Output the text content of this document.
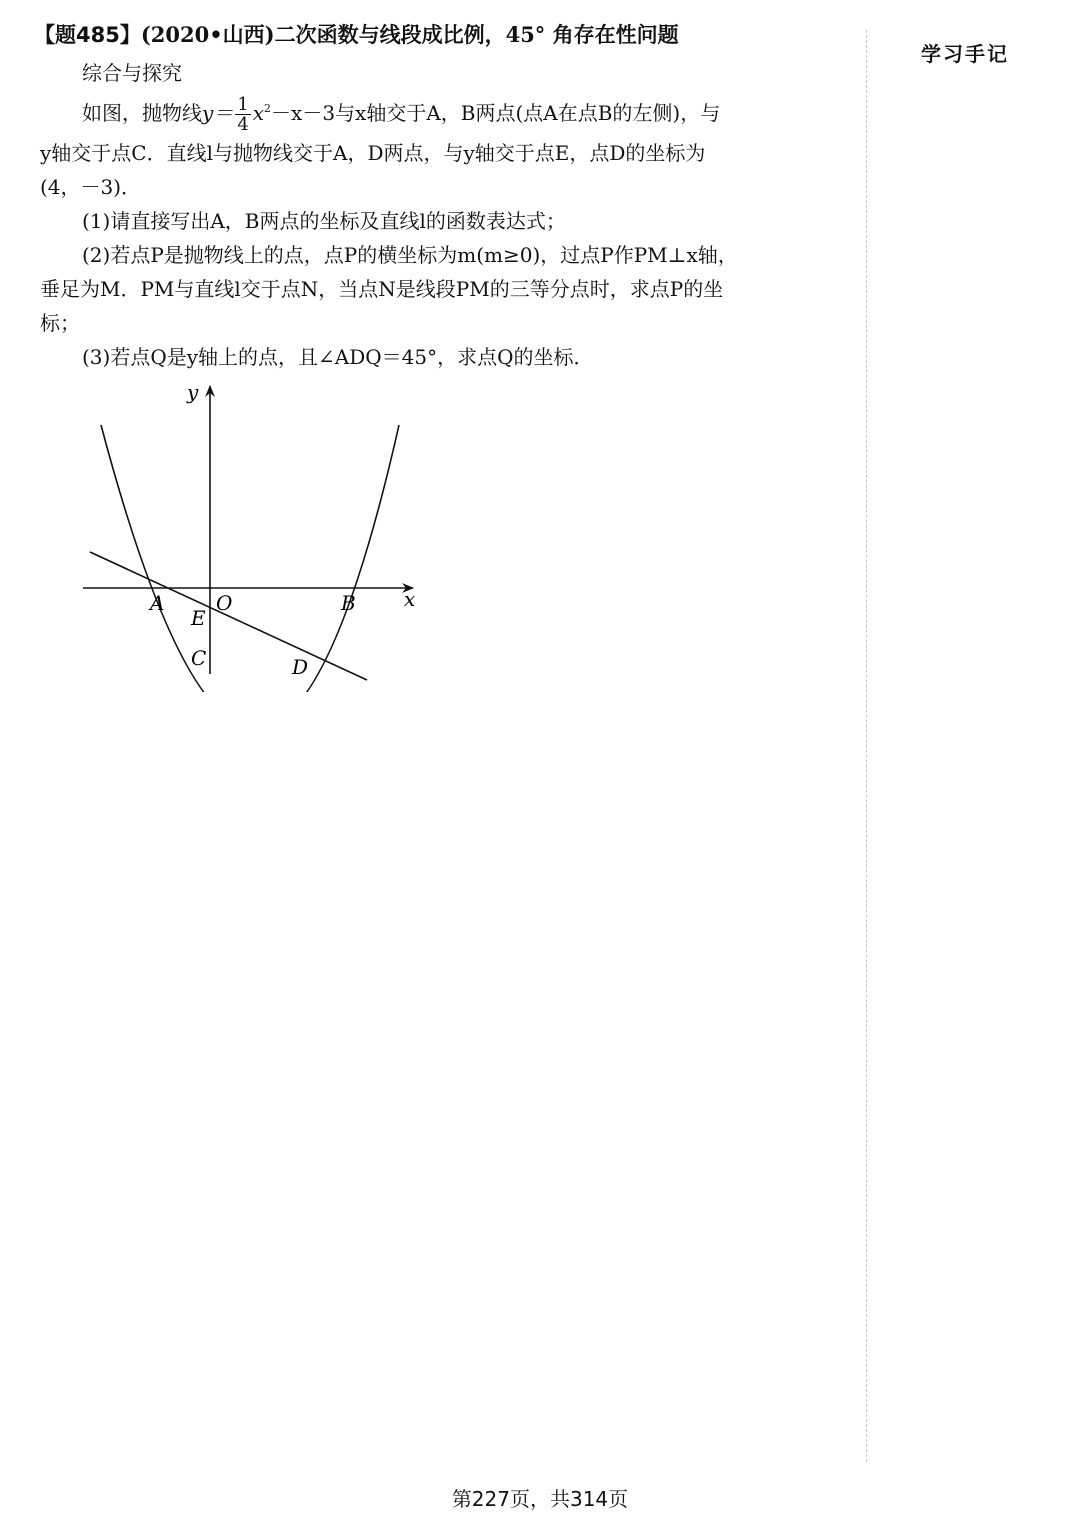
【题485】(2020•山西)二次函数与线段成比例，45° 角存在性问题
学习手记
综合与探究
如图，抛物线$y= \frac{1}{4} x^2-x-3$与x轴交于A，B两点(点A在点B的左侧)，与
y轴交于点C．直线l与抛物线交于A，D两点，与y轴交于点E，点D的坐标为
(4，－3)．
(1)请直接写出A，B两点的坐标及直线l的函数表达式；
(2)若点P是抛物线上的点，点P的横坐标为m(m≥0)，过点P作PM⊥x轴，
垂足为M．PM与直线l交于点N，当点N是线段PM的三等分点时，求点P的坐
标；
(3)若点Q是y轴上的点，且∠ADQ＝45°，求点Q的坐标．
x
y
A	O	B
E
C	D
第227页，共314页
